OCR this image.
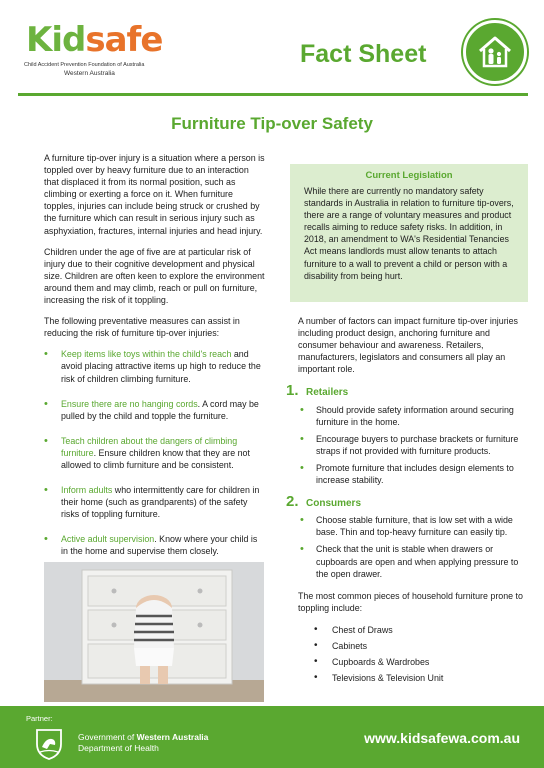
Kidsafe
Child Accident Prevention Foundation of Australia
Western Australia
Fact Sheet
Furniture Tip-over Safety

A furniture tip-over injury is a situation where a person is toppled over by heavy furniture due to an interaction that displaced it from its normal position, such as climbing or exerting a force on it. When furniture topples, injuries can include being struck or crushed by the furniture which can result in serious injury such as asphyxiation, fractures, internal injuries and head injury.

Children under the age of five are at particular risk of injury due to their cognitive development and physical size. Children are often keen to explore the environment around them and may climb, reach or pull on furniture, increasing the risk of it toppling.

The following preventative measures can assist in reducing the risk of furniture tip-over injuries:

• Keep items like toys within the child's reach and avoid placing attractive items up high to reduce the risk of children climbing furniture.
• Ensure there are no hanging cords. A cord may be pulled by the child and topple the furniture.
• Teach children about the dangers of climbing furniture. Ensure children know that they are not allowed to climb furniture and be consistent.
• Inform adults who intermittently care for children in their home (such as grandparents) of the safety risks of toppling furniture.
• Active adult supervision. Know where your child is in the home and supervise them closely.
Current Legislation
While there are currently no mandatory safety standards in Australia in relation to furniture tip-overs, there are a range of voluntary measures and product recalls aiming to reduce safety risks. In addition, in 2018, an amendment to WA's Residential Tenancies Act means landlords must allow tenants to attach furniture to a wall to prevent a child or person with a disability from being hurt.

A number of factors can impact furniture tip-over injuries including product design, anchoring furniture and consumer behaviour and awareness. Retailers, manufacturers, legislators and consumers all play an important role.

1. Retailers
• Should provide safety information around securing furniture in the home.
• Encourage buyers to purchase brackets or furniture straps if not provided with furniture products.
• Promote furniture that includes design elements to increase stability.
2. Consumers
• Choose stable furniture, that is low set with a wide base. Thin and top-heavy furniture can easily tip.
• Check that the unit is stable when drawers or cupboards are open and when applying pressure to the open drawer.

The most common pieces of household furniture prone to toppling include:

• Chest of Draws
• Cabinets
• Cupboards & Wardrobes
• Televisions & Television Unit
Partner:
Government of Western Australia
Department of Health
www.kidsafewa.com.au
